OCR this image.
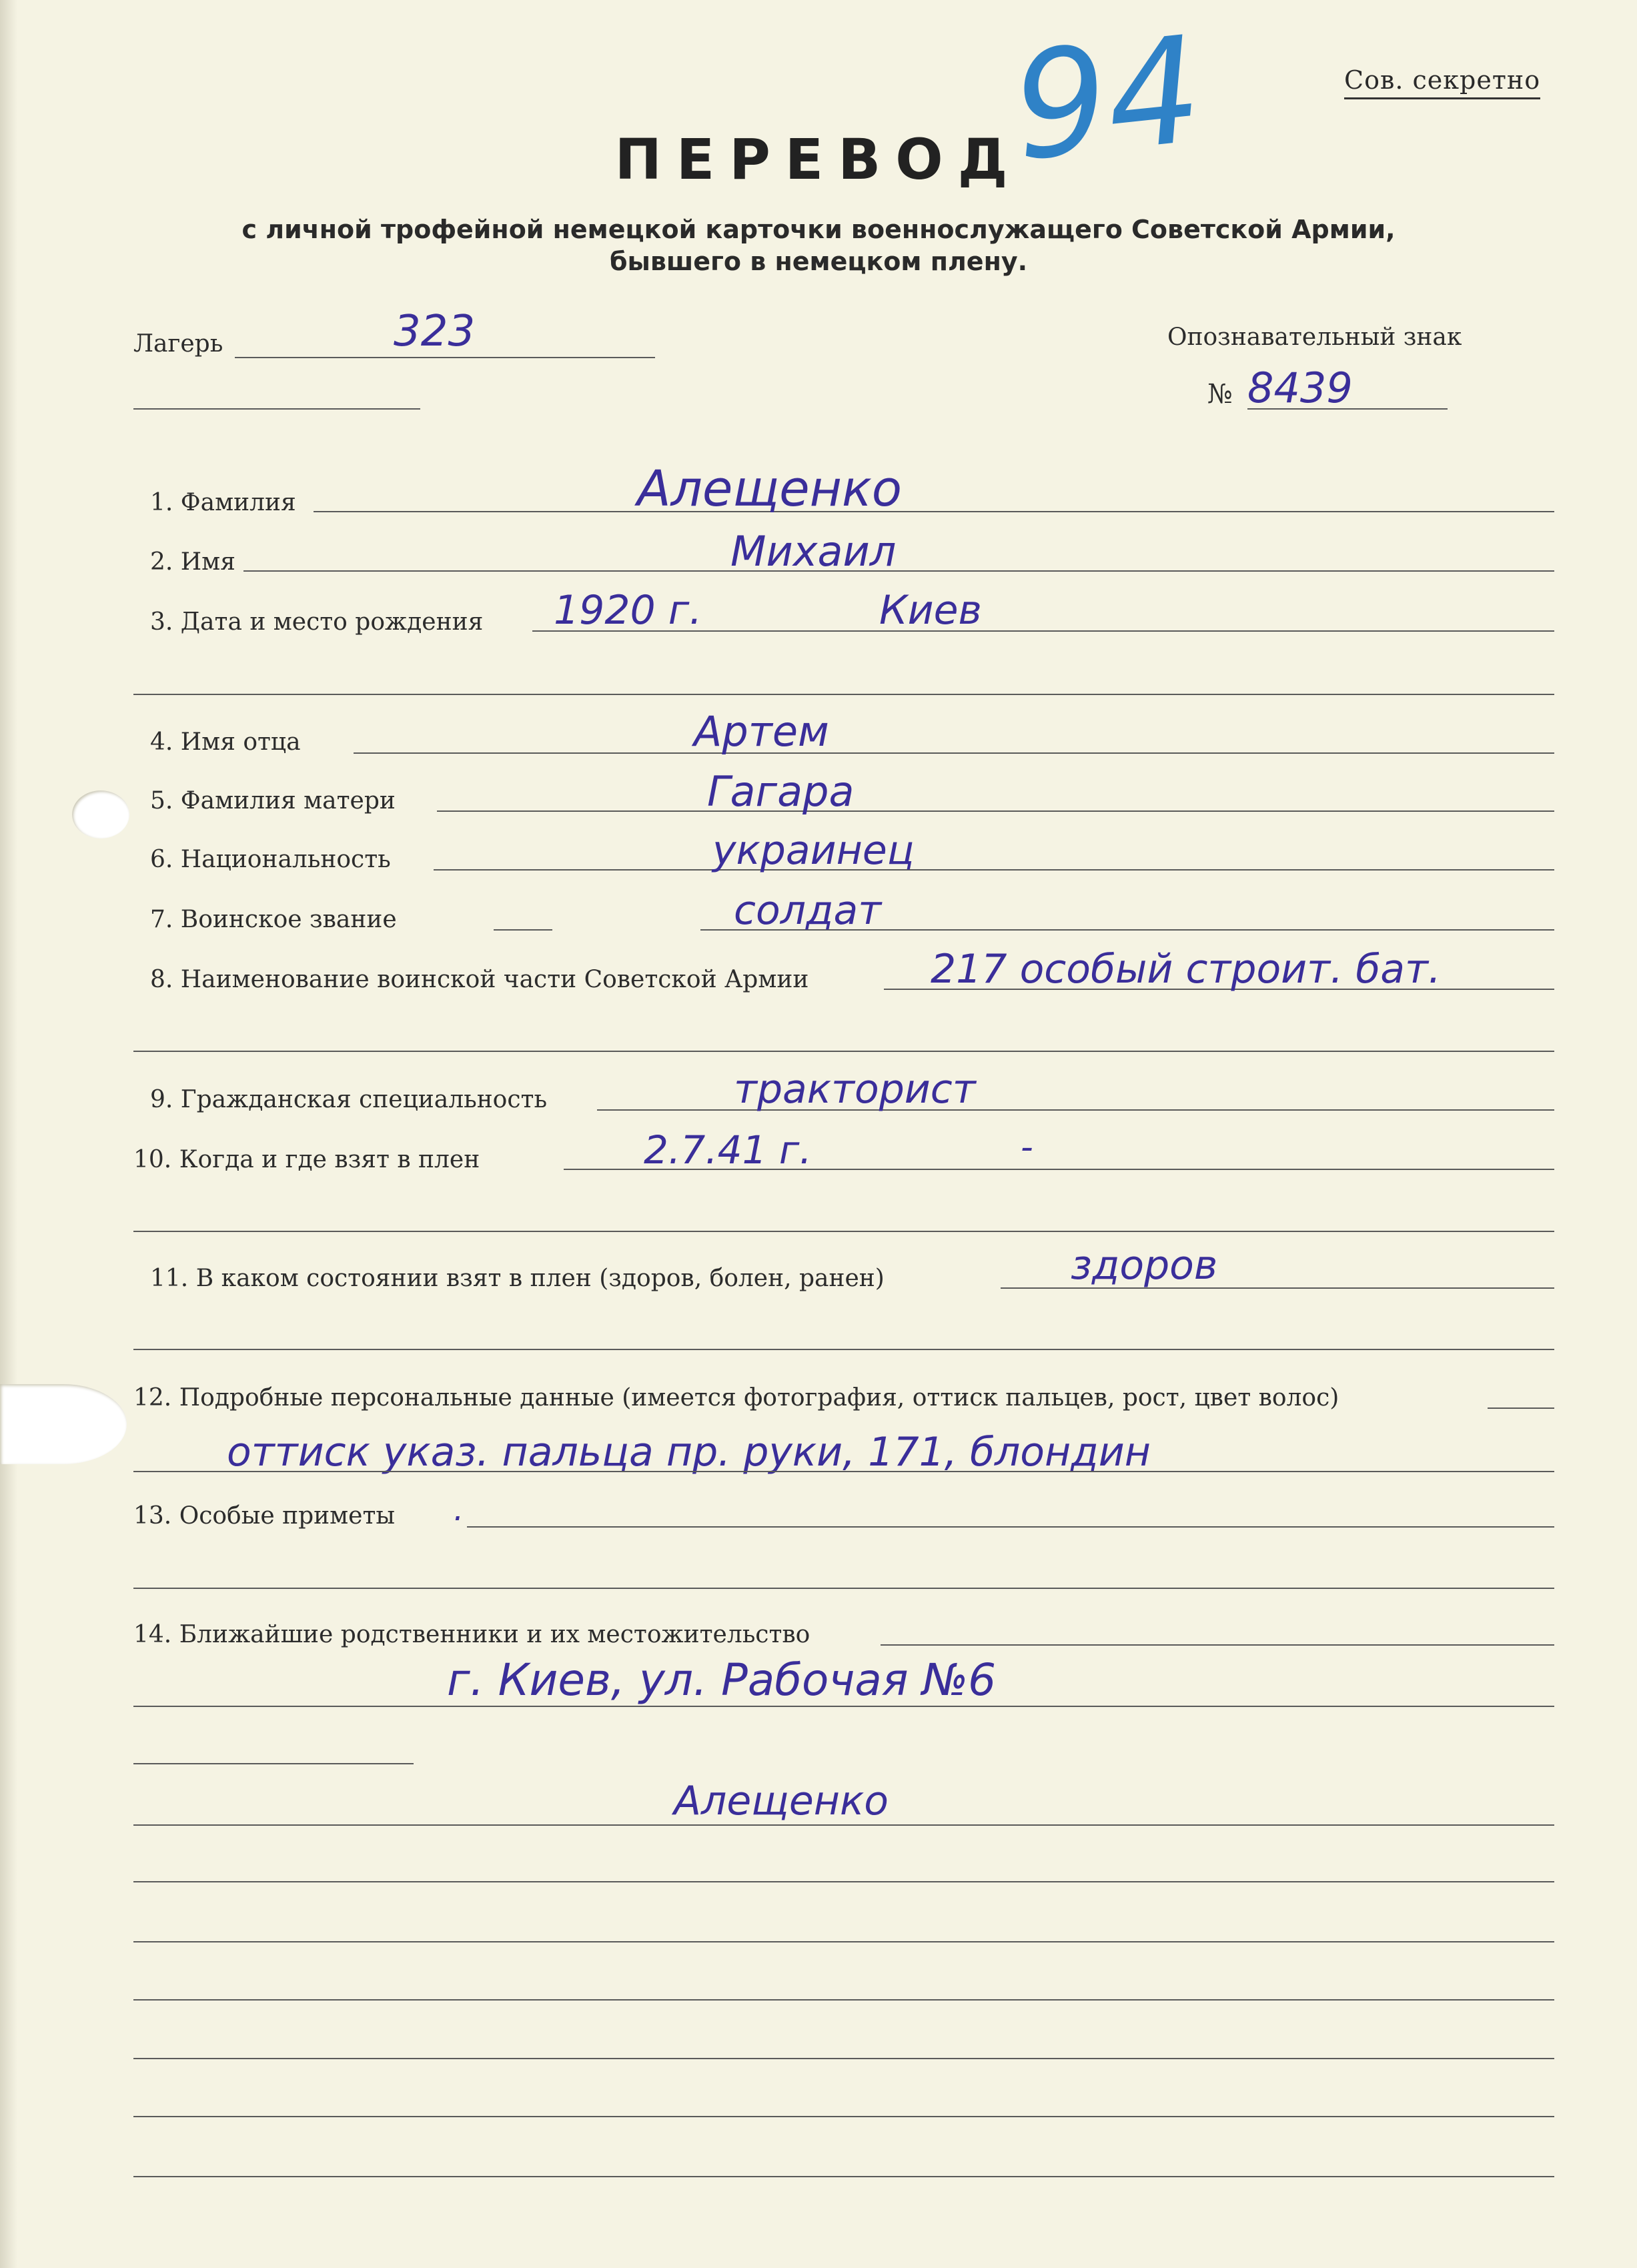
Сов. секретно
94
ПЕРЕВОД
с личной трофейной немецкой карточки военнослужащего Советской Армии,
бывшего в немецком плену.
Лагерь	323	Опознавательный знак
№ 8439
1. Фамилия	Алещенко
2. Имя	Михаил
3. Дата и место рождения 1920 г.	Киев
4. Имя отца	Артем
5. Фамилия матери	Гагара
6. Национальность	украинец
7. Воинское звание	солдат
8. Наименование воинской части Советской Армии	217 особый строит. бат.
9. Гражданская специальность	тракторист
10. Когда и где взят в плен	2.7.41 г.	-
11. В каком состоянии взят в плен (здоров, болен, ранен)	здоров
12. Подробные персональные данные (имеется фотография, оттиск пальцев, рост, цвет волос)
оттиск указ. пальца пр. руки, 171, блондин
13. Особые приметы .
14. Ближайшие родственники и их местожительство
г. Киев, ул. Рабочая №6
Алещенко
